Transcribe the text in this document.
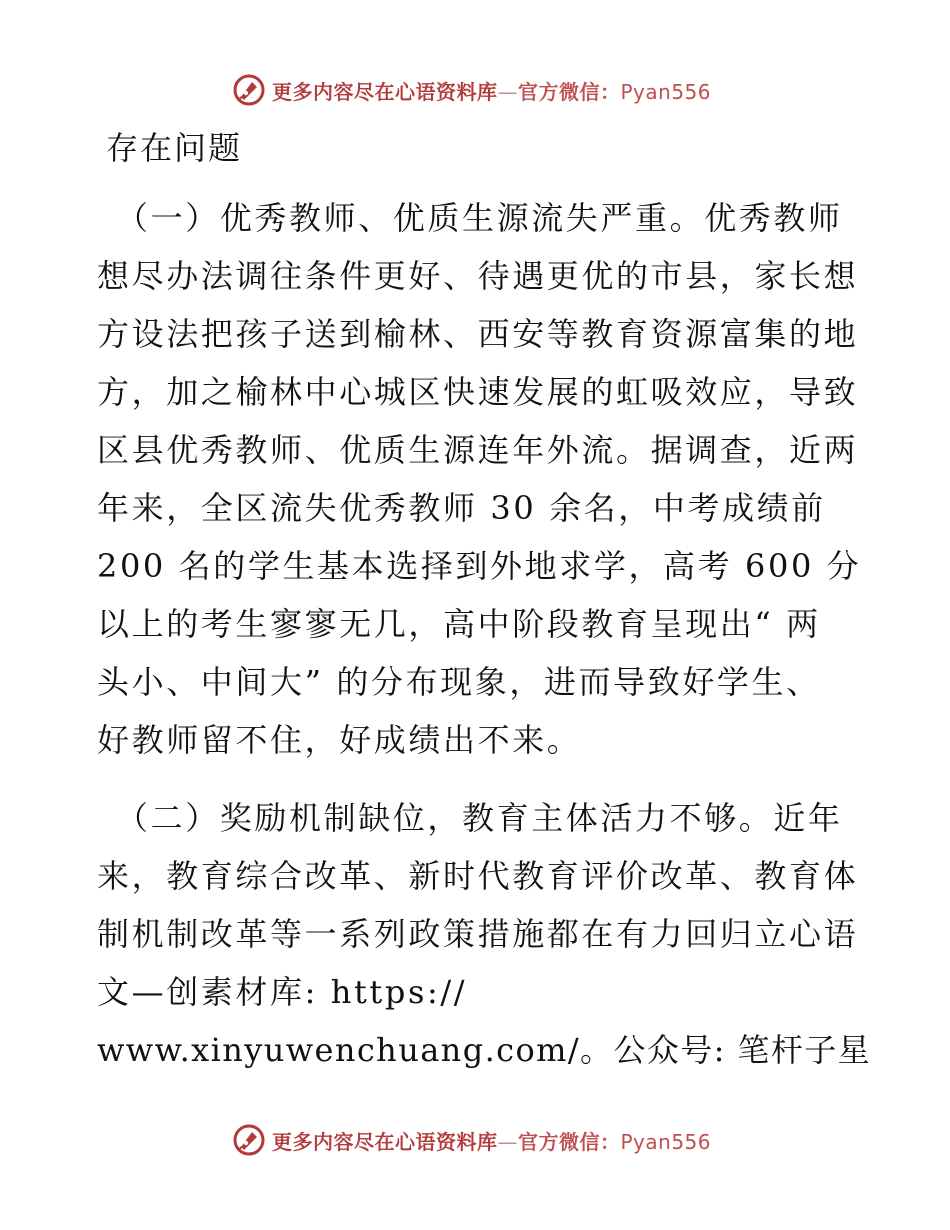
更多内容尽在心语资料库—官方微信：Pyan556
存在问题
（一）优秀教师、优质生源流失严重。优秀教师
想尽办法调往条件更好、待遇更优的市县，家长想
方设法把孩子送到榆林、西安等教育资源富集的地
方，加之榆林中心城区快速发展的虹吸效应，导致
区县优秀教师、优质生源连年外流。据调查，近两
年来，全区流失优秀教师 30 余名，中考成绩前
200 名的学生基本选择到外地求学，高考 600 分
以上的考生寥寥无几，高中阶段教育呈现出“ 两
头小、中间大” 的分布现象，进而导致好学生、
好教师留不住，好成绩出不来。
（二）奖励机制缺位，教育主体活力不够。近年
来，教育综合改革、新时代教育评价改革、教育体
制机制改革等一系列政策措施都在有力回归立心语
文—创素材库: https://
www.xinyuwenchuang.com/。公众号: 笔杆子星
更多内容尽在心语资料库—官方微信：Pyan556
